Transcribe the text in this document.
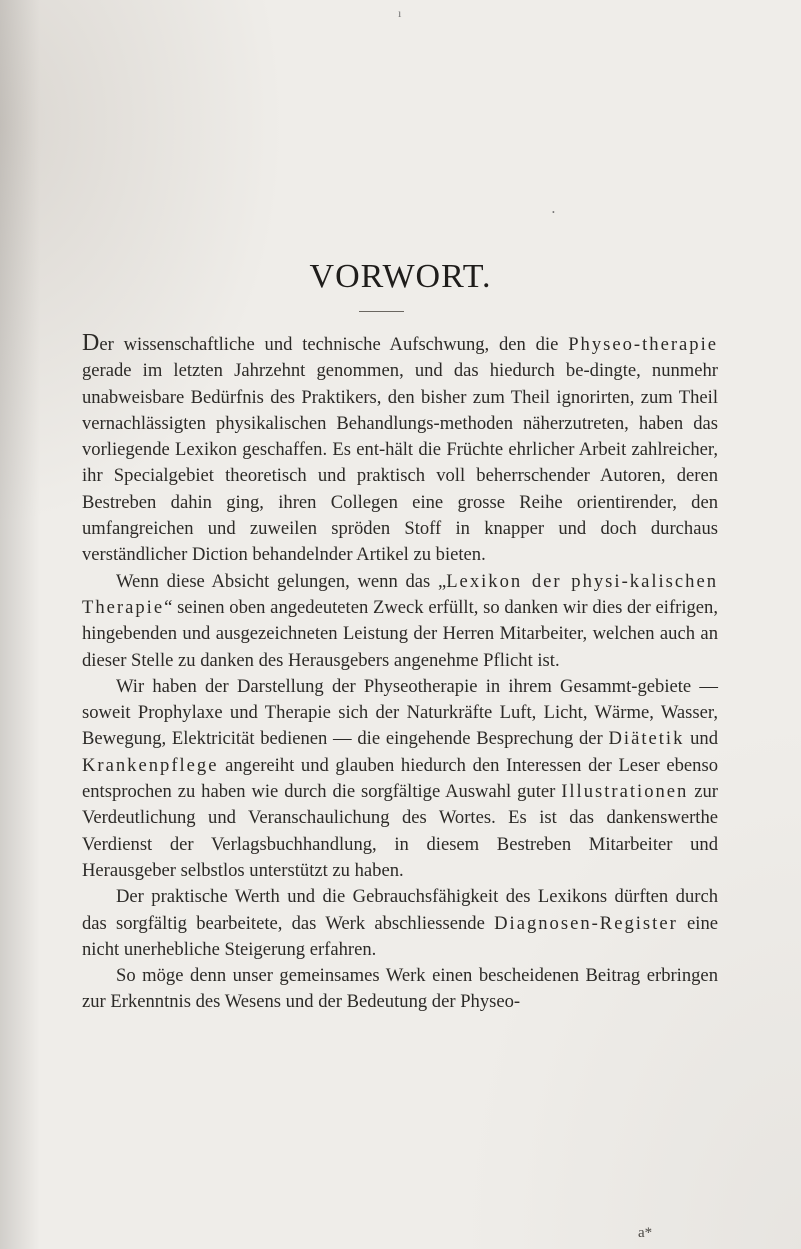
VORWORT.

Der wissenschaftliche und technische Aufschwung, den die Physeo-therapie gerade im letzten Jahrzehnt genommen, und das hiedurch be-dingte, nunmehr unabweisbare Bedürfnis des Praktikers, den bisher zum Theil ignorirten, zum Theil vernachlässigten physikalischen Behandlungs-methoden näherzutreten, haben das vorliegende Lexikon geschaffen. Es ent-hält die Früchte ehrlicher Arbeit zahlreicher, ihr Specialgebiet theoretisch und praktisch voll beherrschender Autoren, deren Bestreben dahin ging, ihren Collegen eine grosse Reihe orientirender, den umfangreichen und zuweilen spröden Stoff in knapper und doch durchaus verständlicher Diction behandelnder Artikel zu bieten.

Wenn diese Absicht gelungen, wenn das „Lexikon der physi-kalischen Therapie“ seinen oben angedeuteten Zweck erfüllt, so danken wir dies der eifrigen, hingebenden und ausgezeichneten Leistung der Herren Mitarbeiter, welchen auch an dieser Stelle zu danken des Herausgebers angenehme Pflicht ist.

Wir haben der Darstellung der Physeotherapie in ihrem Gesammt-gebiete — soweit Prophylaxe und Therapie sich der Naturkräfte Luft, Licht, Wärme, Wasser, Bewegung, Elektricität bedienen — die eingehende Besprechung der Diätetik und Krankenpflege angereiht und glauben hiedurch den Interessen der Leser ebenso entsprochen zu haben wie durch die sorgfältige Auswahl guter Illustrationen zur Verdeutlichung und Veranschaulichung des Wortes. Es ist das dankenswerthe Verdienst der Verlagsbuchhandlung, in diesem Bestreben Mitarbeiter und Herausgeber selbstlos unterstützt zu haben.

Der praktische Werth und die Gebrauchsfähigkeit des Lexikons dürften durch das sorgfältig bearbeitete, das Werk abschliessende Diagnosen-Register eine nicht unerhebliche Steigerung erfahren.

So möge denn unser gemeinsames Werk einen bescheidenen Beitrag erbringen zur Erkenntnis des Wesens und der Bedeutung der Physeo-

a*
ı
•
